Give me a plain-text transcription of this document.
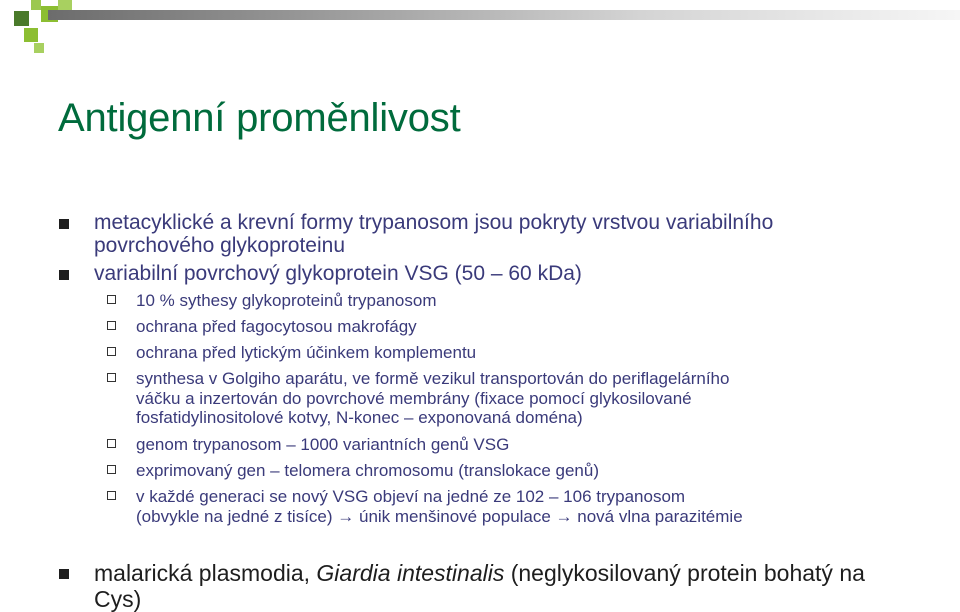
Antigenní proměnlivost
metacyklické a krevní formy trypanosom jsou pokryty vrstvou variabilního
povrchového glykoproteinu
variabilní povrchový glykoprotein VSG (50 – 60 kDa)
10 % sythesy glykoproteinů trypanosom
ochrana před fagocytosou makrofágy
ochrana před lytickým účinkem komplementu
synthesa v Golgiho aparátu, ve formě vezikul transportován do periflagelárního
váčku a inzertován do povrchové membrány (fixace pomocí glykosilované
fosfatidylinositolové kotvy, N-konec – exponovaná doména)
genom trypanosom – 1000 variantních genů VSG
exprimovaný gen – telomera chromosomu (translokace genů)
v každé generaci se nový VSG objeví na jedné ze 102 – 106 trypanosom
(obvykle na jedné z tisíce) → únik menšinové populace → nová vlna parazitémie
malarická plasmodia, Giardia intestinalis (neglykosilovaný protein bohatý na
Cys)
